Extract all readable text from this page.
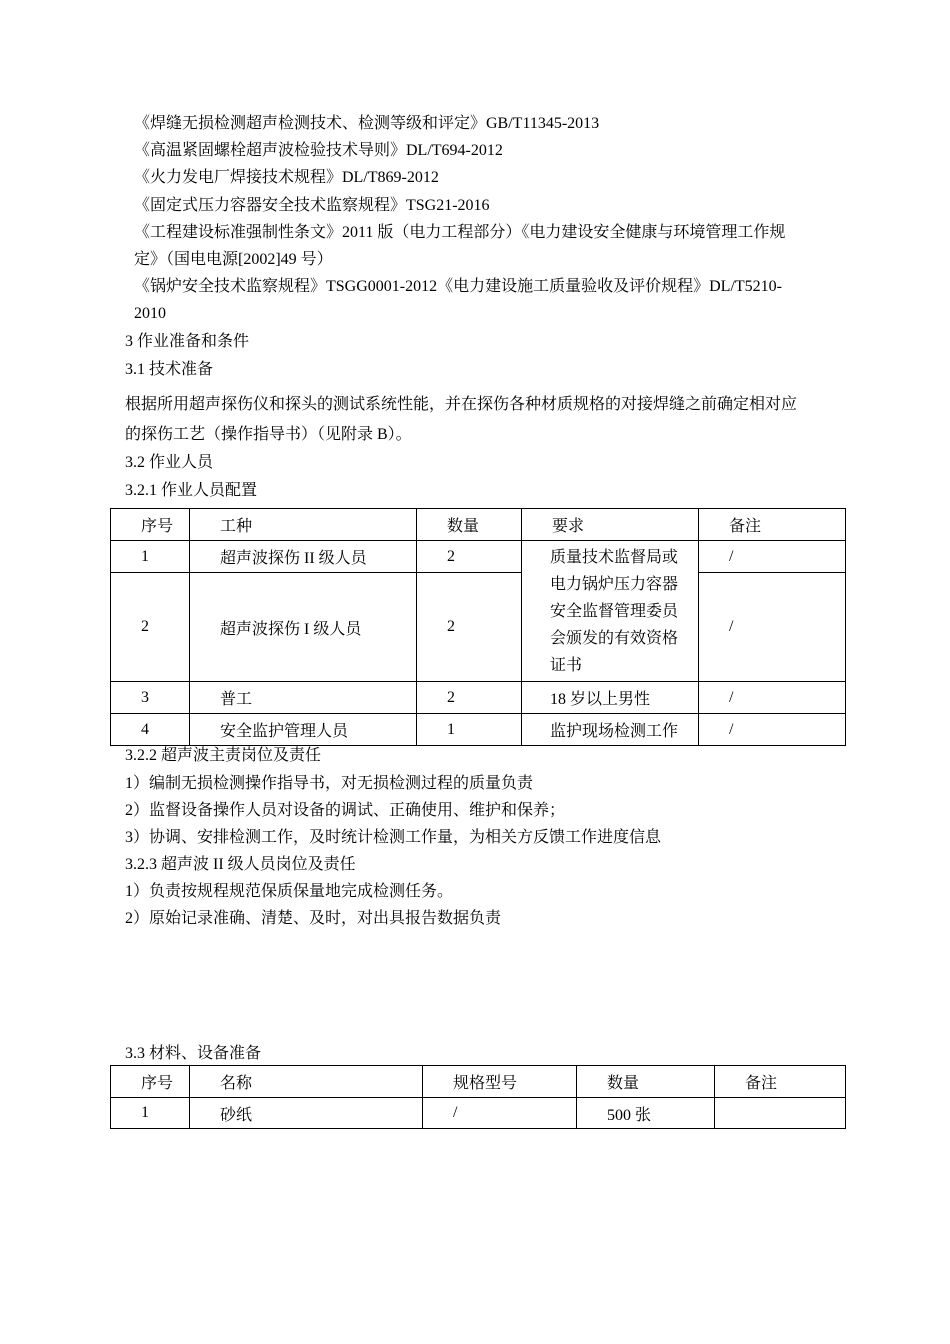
《焊缝无损检测超声检测技术、检测等级和评定》GB/T11345-2013
《高温紧固螺栓超声波检验技术导则》DL/T694-2012
《火力发电厂焊接技术规程》DL/T869-2012
《固定式压力容器安全技术监察规程》TSG21-2016
《工程建设标准强制性条文》2011 版（电力工程部分）《电力建设安全健康与环境管理工作规
定》（国电电源[2002]49 号）
《锅炉安全技术监察规程》TSGG0001-2012《电力建设施工质量验收及评价规程》DL/T5210-
2010
3 作业准备和条件
3.1 技术准备
根据所用超声探伤仪和探头的测试系统性能，并在探伤各种材质规格的对接焊缝之前确定相对应
的探伤工艺（操作指导书）（见附录 B）。
3.2 作业人员
3.2.1 作业人员配置
序号	工种	数量	要求	备注
1	超声波探伤 II 级人员	2	质量技术监督局或
电力锅炉压力容器
安全监督管理委员
会颁发的有效资格
证书	/
2	超声波探伤 I 级人员	2		/
3	普工	2	18 岁以上男性	/
4	安全监护管理人员	1	监护现场检测工作	/
3.2.2 超声波主责岗位及责任
1）编制无损检测操作指导书，对无损检测过程的质量负责
2）监督设备操作人员对设备的调试、正确使用、维护和保养；
3）协调、安排检测工作，及时统计检测工作量，为相关方反馈工作进度信息
3.2.3 超声波 II 级人员岗位及责任
1）负责按规程规范保质保量地完成检测任务。
2）原始记录准确、清楚、及时，对出具报告数据负责
3.3 材料、设备准备
序号	名称	规格型号	数量	备注
1	砂纸	/	500 张	
